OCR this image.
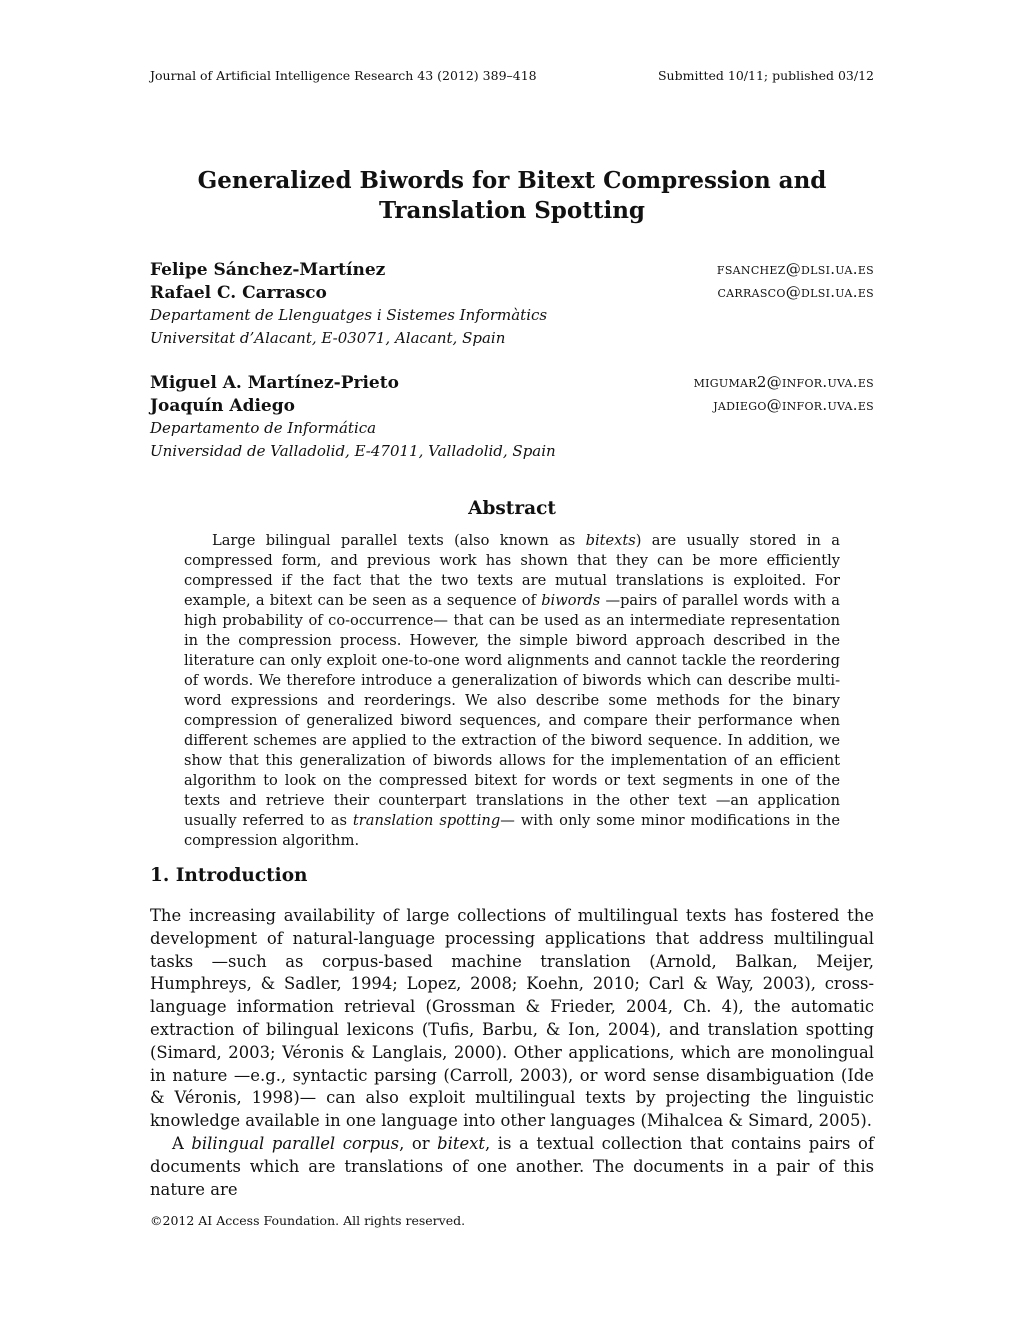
Journal of Artificial Intelligence Research 43 (2012) 389–418	Submitted 10/11; published 03/12
Generalized Biwords for Bitext Compression and
Translation Spotting
Felipe Sánchez-Martínez	fsanchez@dlsi.ua.es
Rafael C. Carrasco	carrasco@dlsi.ua.es
Departament de Llenguatges i Sistemes Informàtics
Universitat d’Alacant, E-03071, Alacant, Spain
Miguel A. Martínez-Prieto	migumar2@infor.uva.es
Joaquín Adiego	jadiego@infor.uva.es
Departamento de Informática
Universidad de Valladolid, E-47011, Valladolid, Spain
Abstract

Large bilingual parallel texts (also known as bitexts) are usually stored in a compressed form, and previous work has shown that they can be more efficiently compressed if the fact that the two texts are mutual translations is exploited. For example, a bitext can be seen as a sequence of biwords —pairs of parallel words with a high probability of co-occurrence— that can be used as an intermediate representation in the compression process. However, the simple biword approach described in the literature can only exploit one-to-one word alignments and cannot tackle the reordering of words. We therefore introduce a generalization of biwords which can describe multi-word expressions and reorderings. We also describe some methods for the binary compression of generalized biword sequences, and compare their performance when different schemes are applied to the extraction of the biword sequence. In addition, we show that this generalization of biwords allows for the implementation of an efficient algorithm to look on the compressed bitext for words or text segments in one of the texts and retrieve their counterpart translations in the other text —an application usually referred to as translation spotting— with only some minor modifications in the compression algorithm.

1. Introduction

The increasing availability of large collections of multilingual texts has fostered the development of natural-language processing applications that address multilingual tasks —such as corpus-based machine translation (Arnold, Balkan, Meijer, Humphreys, & Sadler, 1994; Lopez, 2008; Koehn, 2010; Carl & Way, 2003), cross-language information retrieval (Grossman & Frieder, 2004, Ch. 4), the automatic extraction of bilingual lexicons (Tufis, Barbu, & Ion, 2004), and translation spotting (Simard, 2003; Véronis & Langlais, 2000). Other applications, which are monolingual in nature —e.g., syntactic parsing (Carroll, 2003), or word sense disambiguation (Ide & Véronis, 1998)— can also exploit multilingual texts by projecting the linguistic knowledge available in one language into other languages (Mihalcea & Simard, 2005).

A bilingual parallel corpus, or bitext, is a textual collection that contains pairs of documents which are translations of one another. The documents in a pair of this nature are

©2012 AI Access Foundation. All rights reserved.
